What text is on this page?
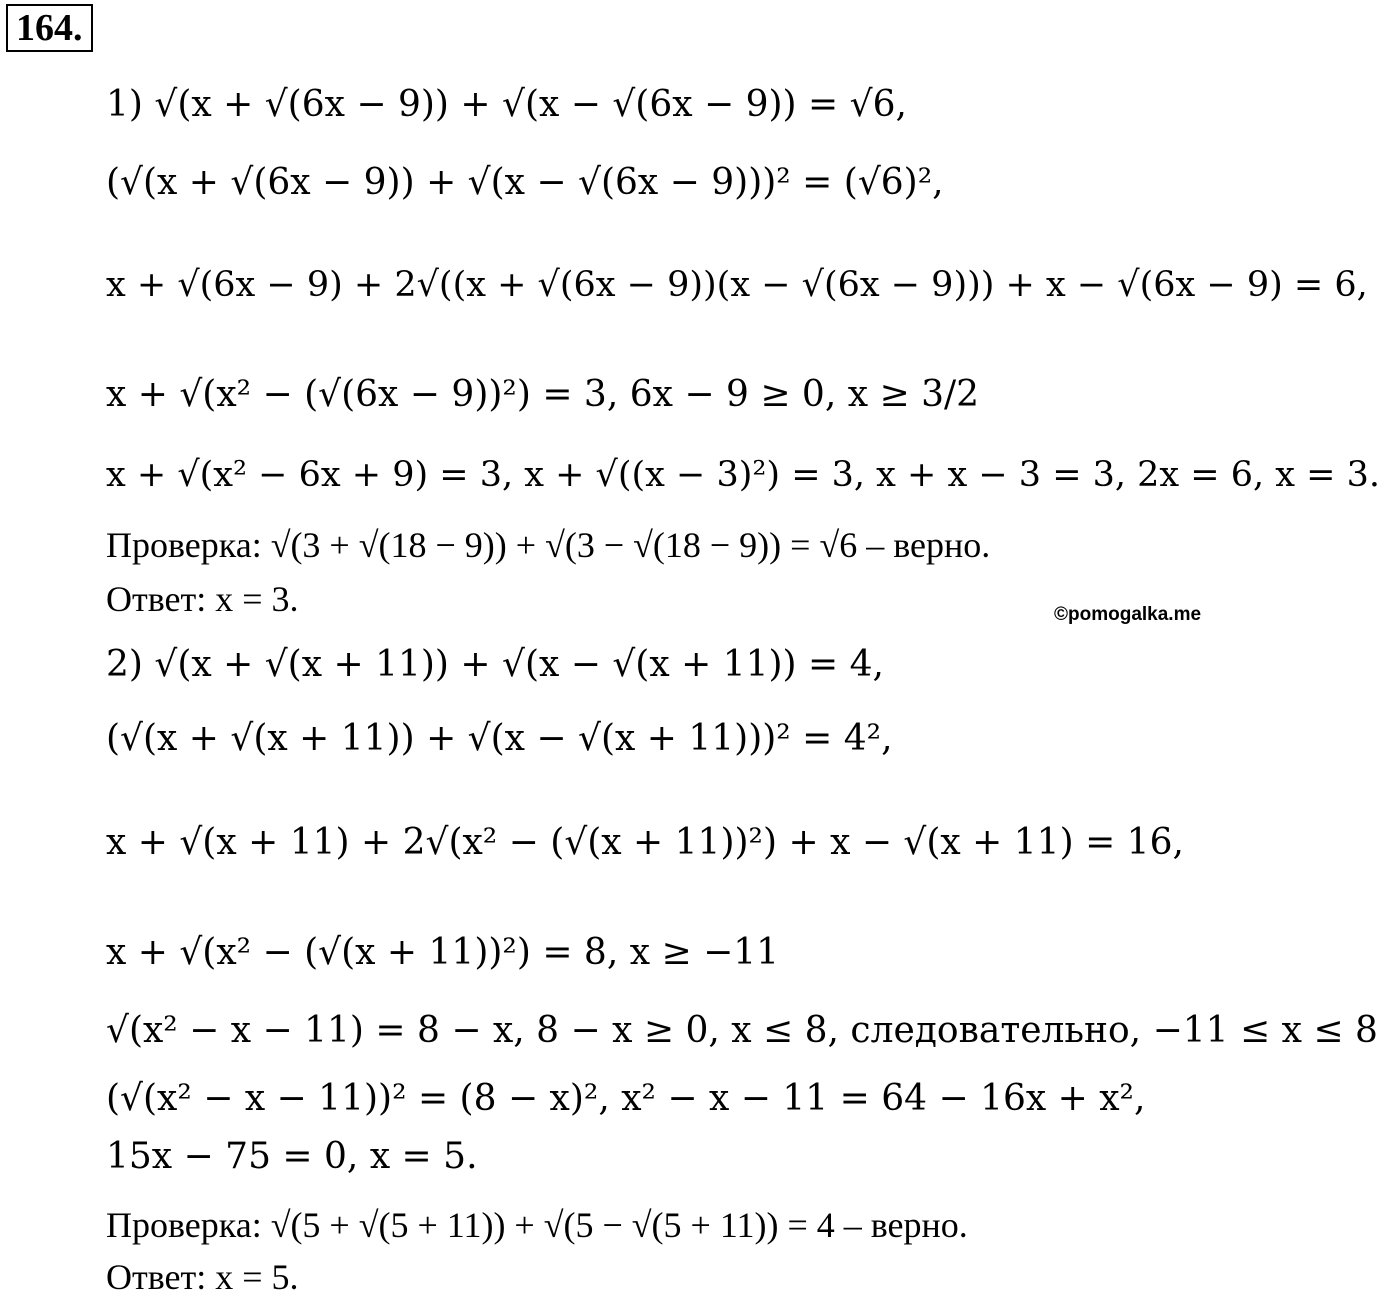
164.
1) √(x + √(6x − 9)) + √(x − √(6x − 9)) = √6,
(√(x + √(6x − 9)) + √(x − √(6x − 9)))² = (√6)²,
x + √(6x − 9) + 2√((x + √(6x − 9))(x − √(6x − 9))) + x − √(6x − 9) = 6,
x + √(x² − (√(6x − 9))²) = 3, 6x − 9 ≥ 0, x ≥ 3/2
x + √(x² − 6x + 9) = 3, x + √((x − 3)²) = 3, x + x − 3 = 3, 2x = 6, x = 3.
Проверка: √(3 + √(18 − 9)) + √(3 − √(18 − 9)) = √6 – верно.
Ответ: x = 3.	©pomogalka.me
2) √(x + √(x + 11)) + √(x − √(x + 11)) = 4,
(√(x + √(x + 11)) + √(x − √(x + 11)))² = 4²,
x + √(x + 11) + 2√(x² − (√(x + 11))²) + x − √(x + 11) = 16,
x + √(x² − (√(x + 11))²) = 8, x ≥ −11
√(x² − x − 11) = 8 − x, 8 − x ≥ 0, x ≤ 8, следовательно, −11 ≤ x ≤ 8
(√(x² − x − 11))² = (8 − x)², x² − x − 11 = 64 − 16x + x²,
15x − 75 = 0, x = 5.
Проверка: √(5 + √(5 + 11)) + √(5 − √(5 + 11)) = 4 – верно.
Ответ: x = 5.
